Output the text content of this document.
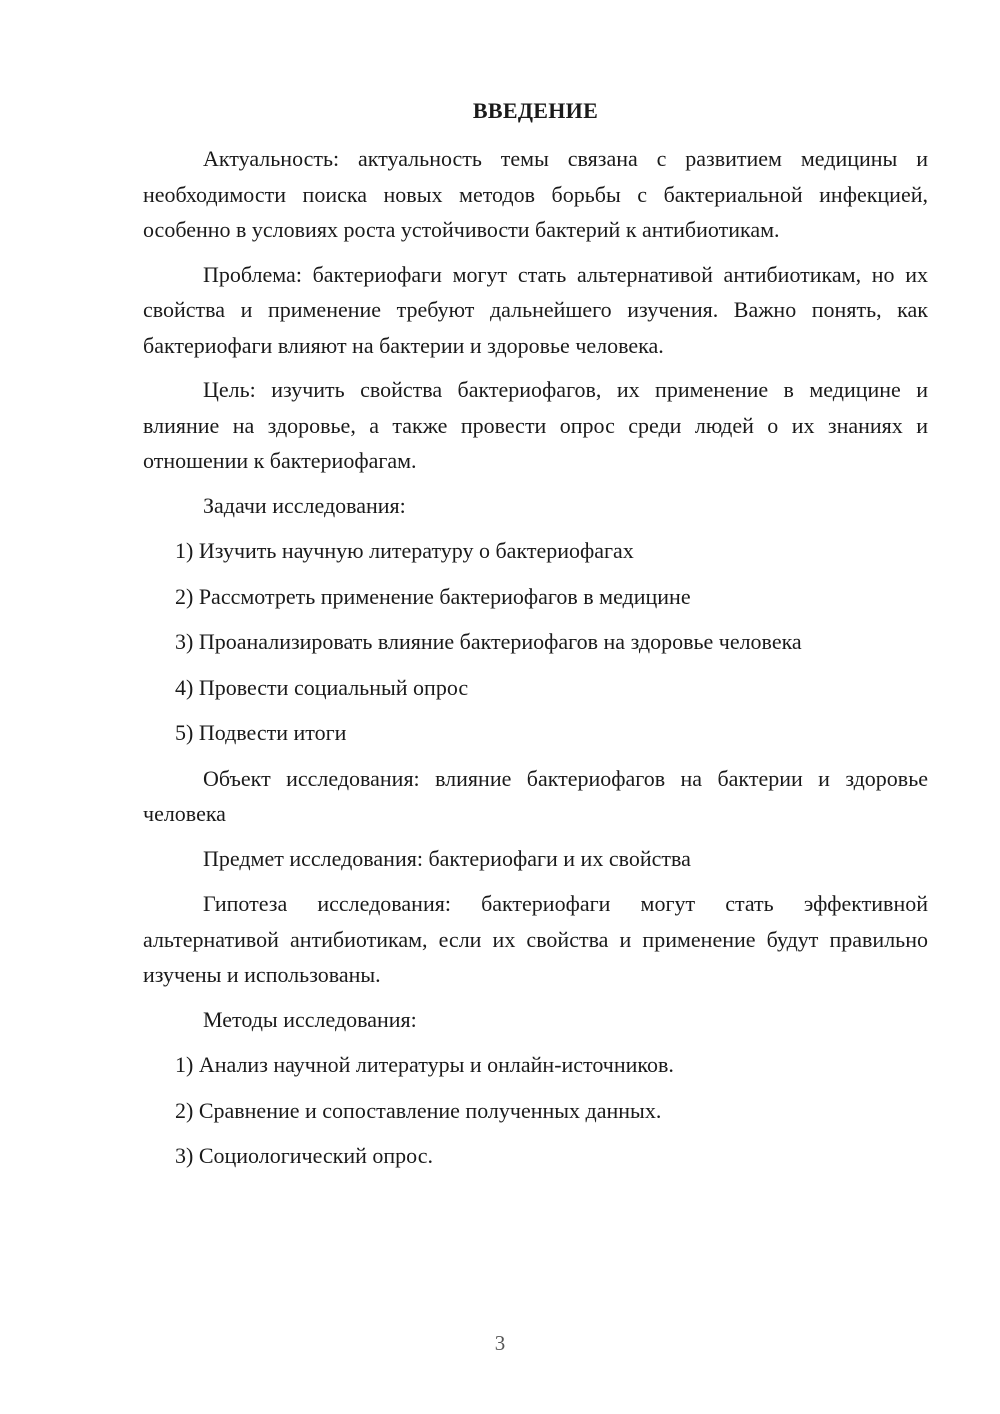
ВВЕДЕНИЕ

Актуальность: актуальность темы связана с развитием медицины и необходимости поиска новых методов борьбы с бактериальной инфекцией, особенно в условиях роста устойчивости бактерий к антибиотикам.

Проблема: бактериофаги могут стать альтернативой антибиотикам, но их свойства и применение требуют дальнейшего изучения. Важно понять, как бактериофаги влияют на бактерии и здоровье человека.

Цель: изучить свойства бактериофагов, их применение в медицине и влияние на здоровье, а также провести опрос среди людей о их знаниях и отношении к бактериофагам.

Задачи исследования:
1) Изучить научную литературу о бактериофагах
2) Рассмотреть применение бактериофагов в медицине
3) Проанализировать влияние бактериофагов на здоровье человека
4) Провести социальный опрос
5) Подвести итоги

Объект исследования: влияние бактериофагов на бактерии и здоровье человека

Предмет исследования: бактериофаги и их свойства

Гипотеза исследования: бактериофаги могут стать эффективной альтернативой антибиотикам, если их свойства и применение будут правильно изучены и использованы.

Методы исследования:
1) Анализ научной литературы и онлайн-источников.
2) Сравнение и сопоставление полученных данных.
3) Социологический опрос.
3
